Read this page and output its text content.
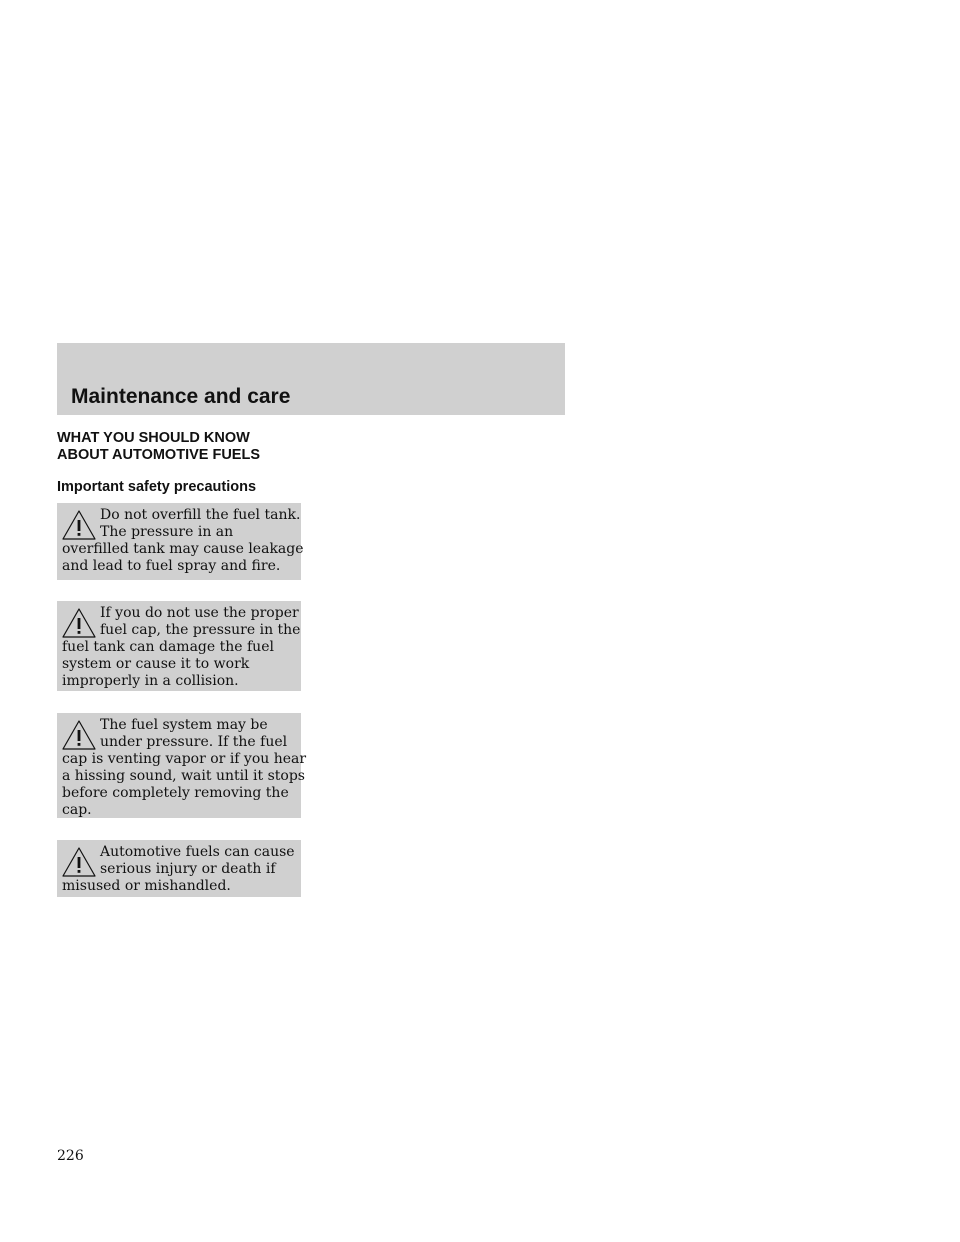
Maintenance and care
WHAT YOU SHOULD KNOW
ABOUT AUTOMOTIVE FUELS
Important safety precautions
Do not overfill the fuel tank.
The pressure in an
overfilled tank may cause leakage
and lead to fuel spray and fire.
If you do not use the proper
fuel cap, the pressure in the
fuel tank can damage the fuel
system or cause it to work
improperly in a collision.
The fuel system may be
under pressure. If the fuel
cap is venting vapor or if you hear
a hissing sound, wait until it stops
before completely removing the
cap.
Automotive fuels can cause
serious injury or death if
misused or mishandled.
226
